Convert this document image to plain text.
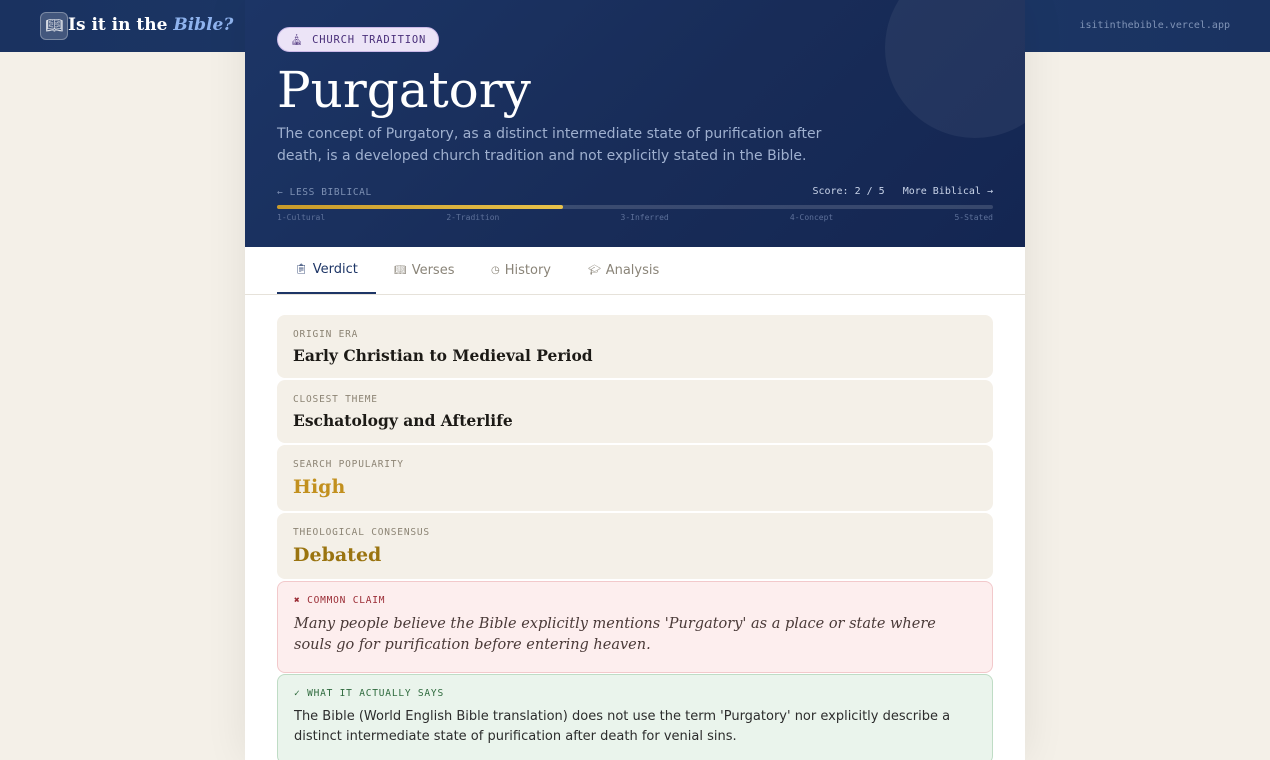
📖︎ Is it in the Bible?	isitinthebible.vercel.app
⛪︎ CHURCH TRADITION
Purgatory
The concept of Purgatory, as a distinct intermediate state of purification after death, is a developed church tradition and not explicitly stated in the Bible.
← LESS BIBLICAL	Score: 2 / 5 More Biblical →
1-Cultural	2-Tradition	3-Inferred	4-Concept	5-Stated
📋︎ Verdict	📖︎ Verses	◷ History	🎓︎ Analysis
ORIGIN ERA
Early Christian to Medieval Period
CLOSEST THEME
Eschatology and Afterlife
SEARCH POPULARITY
High
THEOLOGICAL CONSENSUS
Debated
✖︎ COMMON CLAIM
Many people believe the Bible explicitly mentions 'Purgatory' as a place or state where souls go for purification before entering heaven.
✓ WHAT IT ACTUALLY SAYS
The Bible (World English Bible translation) does not use the term 'Purgatory' nor explicitly describe a distinct intermediate state of purification after death for venial sins.
